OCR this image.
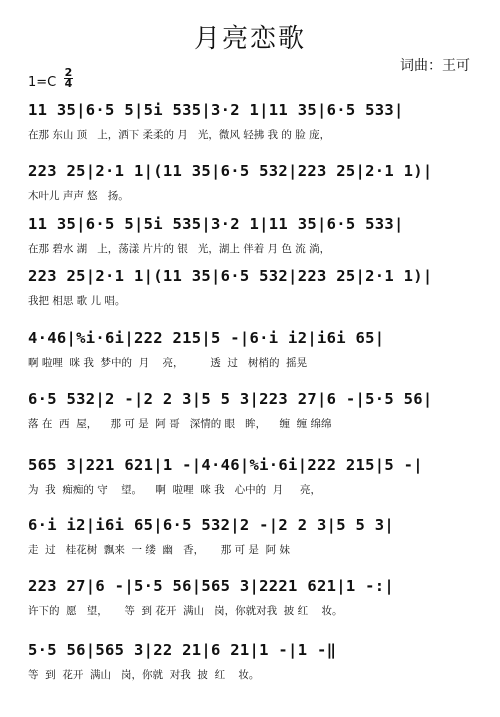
月亮恋歌
词曲：王可
1=C
2
4
11 35|6·5 5|5i 535|3·2 1|11 35|6·5 533|
在那 东山 顶   上，洒下 柔柔的 月   光，微风 轻拂 我 的 脸 庞，
223 25|2·1 1|(11 35|6·5 532|223 25|2·1 1)|
木叶儿 声声 悠   扬。
11 35|6·5 5|5i 535|3·2 1|11 35|6·5 533|
在那 碧水 湖   上，荡漾 片片的 银   光，湖上 伴着 月 色 流 淌，
223 25|2·1 1|(11 35|6·5 532|223 25|2·1 1)|
我把 相思 歌 儿 唱。
4·46|%i·6i|222 215|5 -|6·i i2|i6i 65|
啊 啦哩  咪 我  梦中的  月    亮，        透  过   树梢的  摇晃
6·5 532|2 -|2 2 3|5 5 3|223 27|6 -|5·5 56|
落 在  西  屋，    那 可 是  阿 哥   深情的 眼   眸，    缠  缠 绵绵
565 3|221 621|1 -|4·46|%i·6i|222 215|5 -|
为  我  痴痴的 守    望。    啊  啦哩  咪 我   心中的  月     亮，
6·i i2|i6i 65|6·5 532|2 -|2 2 3|5 5 3|
走  过   桂花树  飘来  一 缕  幽   香，     那 可 是  阿 妹
223 27|6 -|5·5 56|565 3|2221 621|1 -:|
许下的  愿   望，     等  到 花开  满山   岗，你就对我  披 红    妆。
5·5 56|565 3|22 21|6 21|1 -|1 -‖
等  到  花开  满山   岗，你就  对我  披  红    妆。
